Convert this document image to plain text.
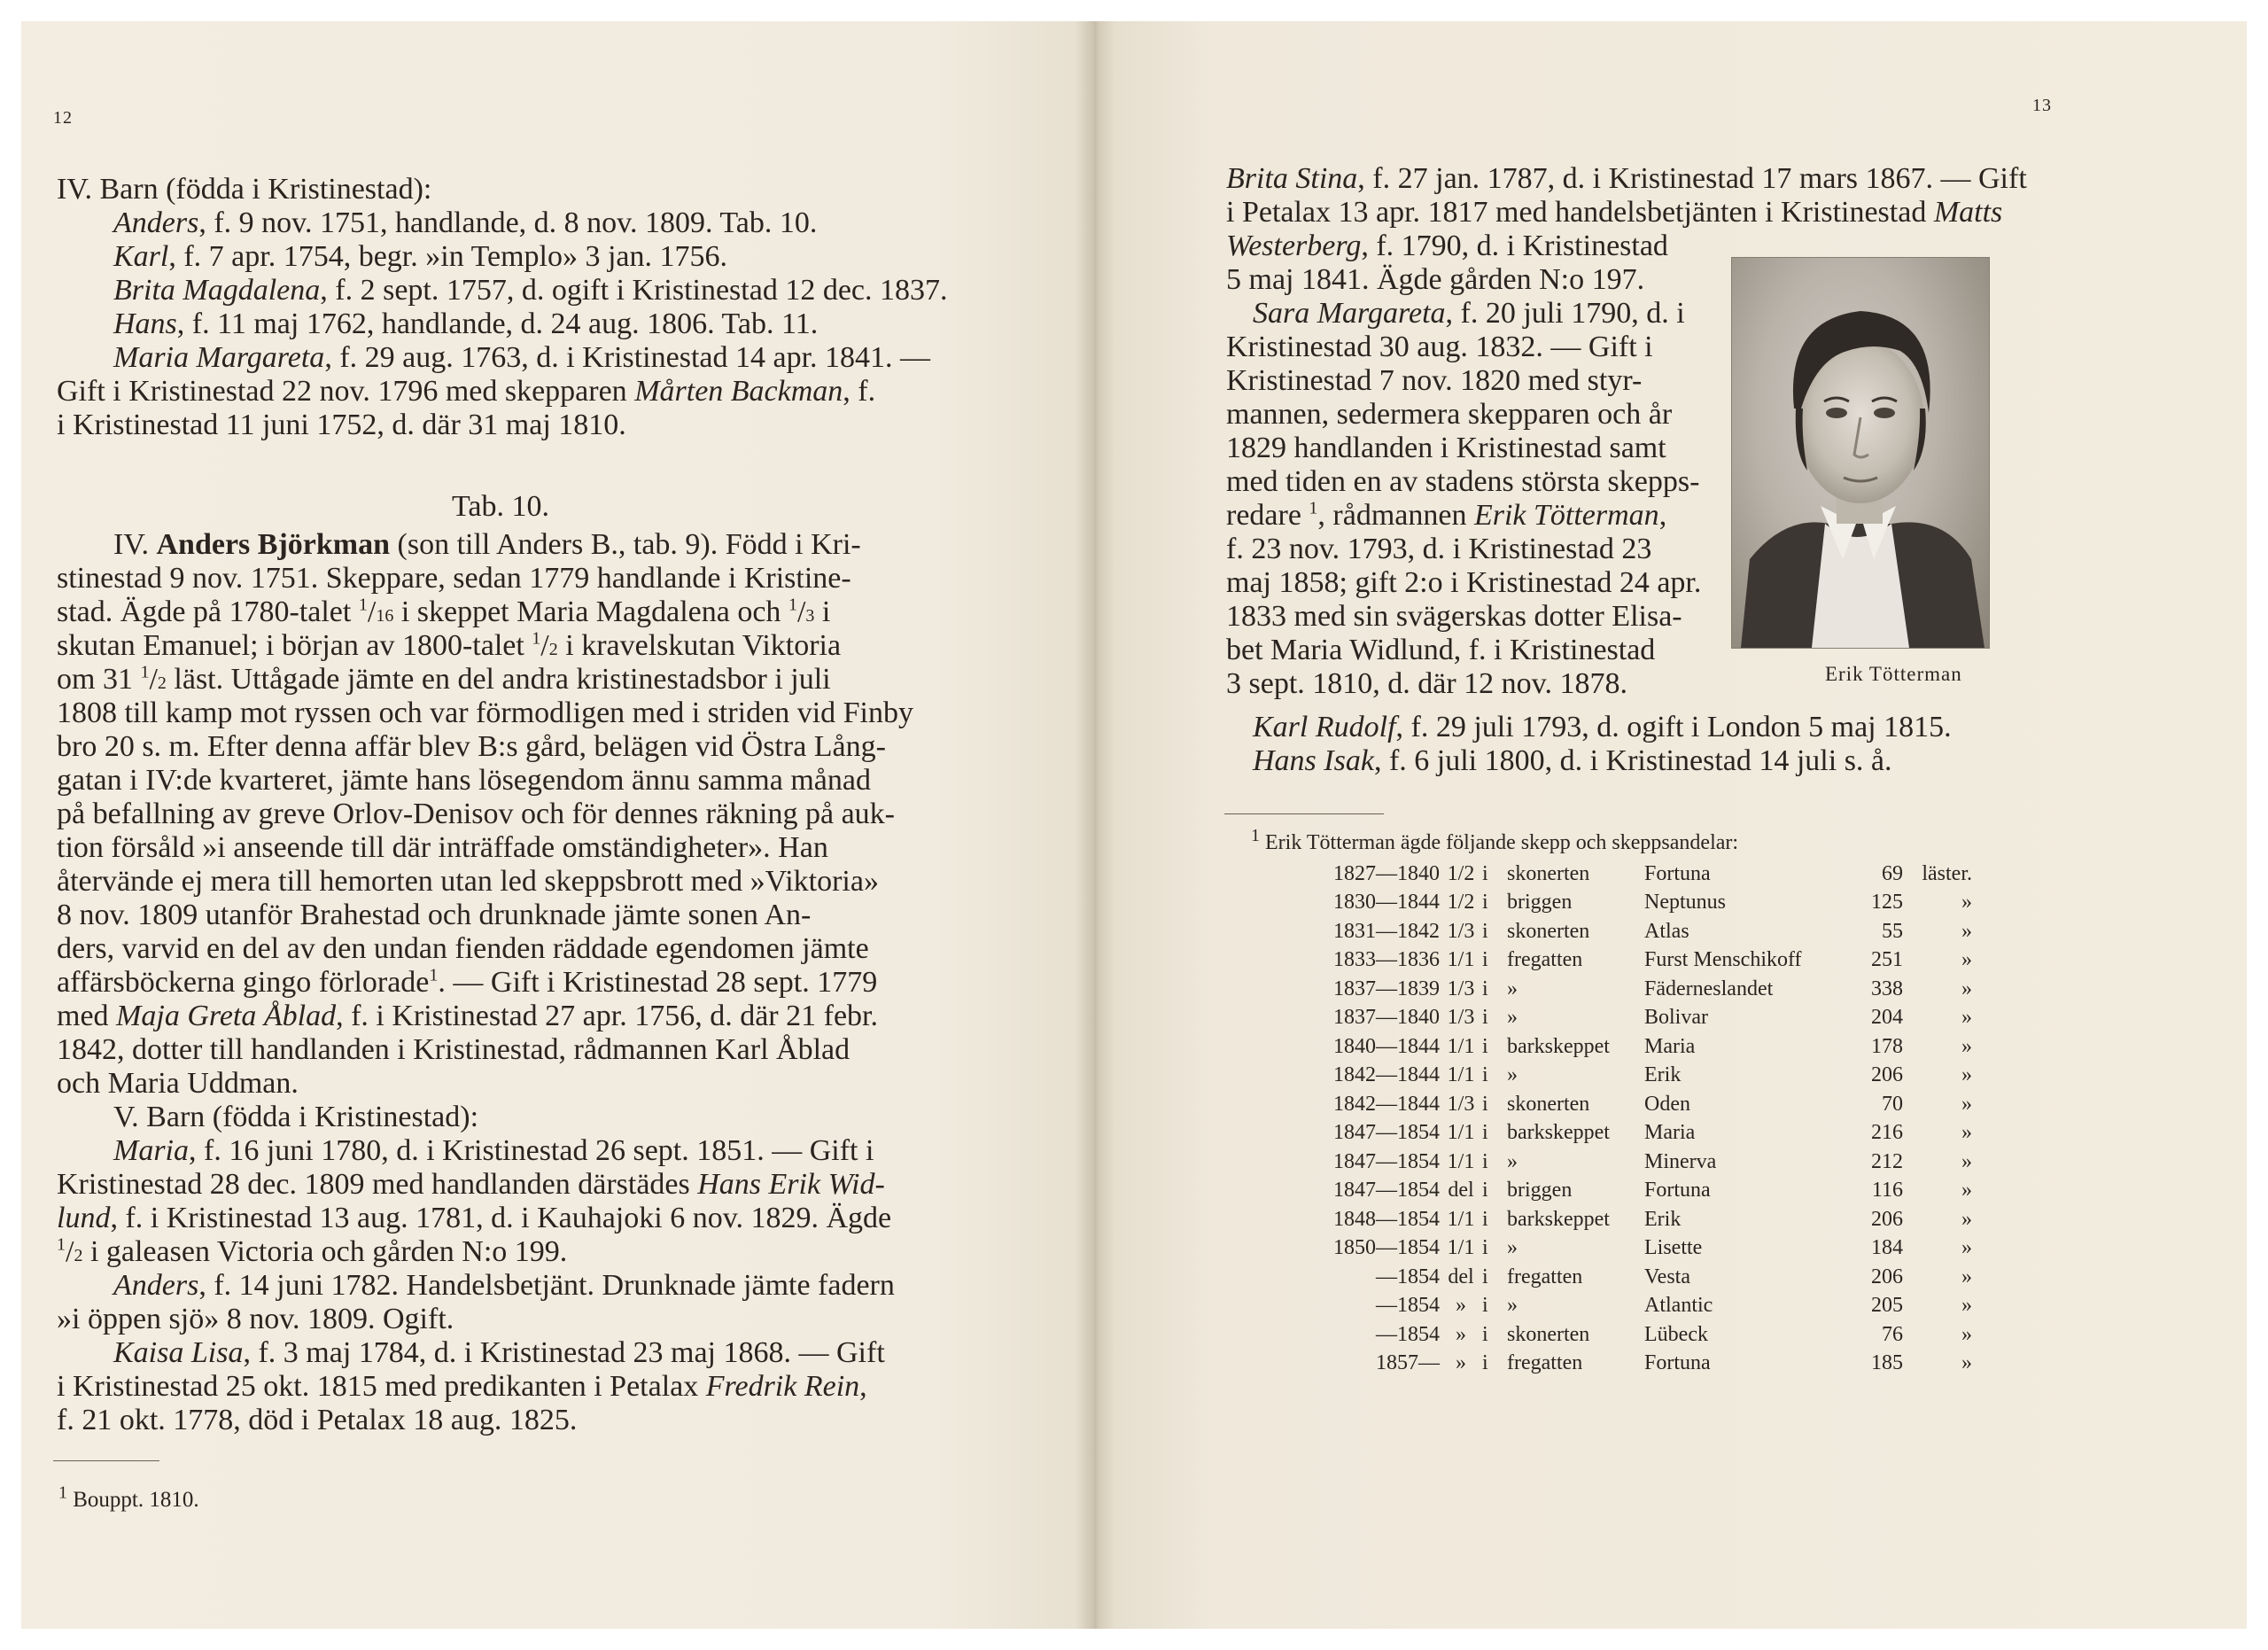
12
IV. Barn (födda i Kristinestad):
Anders, f. 9 nov. 1751, handlande, d. 8 nov. 1809. Tab. 10.
Karl, f. 7 apr. 1754, begr. »in Templo» 3 jan. 1756.
Brita Magdalena, f. 2 sept. 1757, d. ogift i Kristinestad 12 dec. 1837.
Hans, f. 11 maj 1762, handlande, d. 24 aug. 1806. Tab. 11.
Maria Margareta, f. 29 aug. 1763, d. i Kristinestad 14 apr. 1841. —
Gift i Kristinestad 22 nov. 1796 med skepparen Mårten Backman, f.
i Kristinestad 11 juni 1752, d. där 31 maj 1810.
Tab. 10.
IV. Anders Björkman (son till Anders B., tab. 9). Född i Kri-
stinestad 9 nov. 1751. Skeppare, sedan 1779 handlande i Kristine-
stad. Ägde på 1780-talet $^1$/16 i skeppet Maria Magdalena och $^1$/3 i
skutan Emanuel; i början av 1800-talet $^1$/2 i kravelskutan Viktoria
om 31 $^1$/2 läst. Uttågade jämte en del andra kristinestadsbor i juli
1808 till kamp mot ryssen och var förmodligen med i striden vid Finby
bro 20 s. m. Efter denna affär blev B:s gård, belägen vid Östra Lång-
gatan i IV:de kvarteret, jämte hans lösegendom ännu samma månad
på befallning av greve Orlov-Denisov och för dennes räkning på auk-
tion försåld »i anseende till där inträffade omständigheter». Han
återvände ej mera till hemorten utan led skeppsbrott med »Viktoria»
8 nov. 1809 utanför Brahestad och drunknade jämte sonen An-
ders, varvid en del av den undan fienden räddade egendomen jämte
affärsböckerna gingo förlorade$^1$. — Gift i Kristinestad 28 sept. 1779
med Maja Greta Åblad, f. i Kristinestad 27 apr. 1756, d. där 21 febr.
1842, dotter till handlanden i Kristinestad, rådmannen Karl Åblad
och Maria Uddman.
V. Barn (födda i Kristinestad):
Maria, f. 16 juni 1780, d. i Kristinestad 26 sept. 1851. — Gift i
Kristinestad 28 dec. 1809 med handlanden därstädes Hans Erik Wid-
lund, f. i Kristinestad 13 aug. 1781, d. i Kauhajoki 6 nov. 1829. Ägde
$^1$/2 i galeasen Victoria och gården N:o 199.
Anders, f. 14 juni 1782. Handelsbetjänt. Drunknade jämte fadern
»i öppen sjö» 8 nov. 1809. Ogift.
Kaisa Lisa, f. 3 maj 1784, d. i Kristinestad 23 maj 1868. — Gift
i Kristinestad 25 okt. 1815 med predikanten i Petalax Fredrik Rein,
f. 21 okt. 1778, död i Petalax 18 aug. 1825.
$^1$ Bouppt. 1810.
13
Brita Stina, f. 27 jan. 1787, d. i Kristinestad 17 mars 1867. — Gift
i Petalax 13 apr. 1817 med handelsbetjänten i Kristinestad Matts
Westerberg, f. 1790, d. i Kristinestad
5 maj 1841. Ägde gården N:o 197.
Sara Margareta, f. 20 juli 1790, d. i
Kristinestad 30 aug. 1832. — Gift i
Kristinestad 7 nov. 1820 med styr-
mannen, sedermera skepparen och år
1829 handlanden i Kristinestad samt
med tiden en av stadens största skepps-
redare $^1$, rådmannen Erik Tötterman,
f. 23 nov. 1793, d. i Kristinestad 23
maj 1858; gift 2:o i Kristinestad 24 apr.
1833 med sin svägerskas dotter Elisa-
bet Maria Widlund, f. i Kristinestad
3 sept. 1810, d. där 12 nov. 1878.
Karl Rudolf, f. 29 juli 1793, d. ogift i London 5 maj 1815.
Hans Isak, f. 6 juli 1800, d. i Kristinestad 14 juli s. å.
Erik Tötterman
$^1$ Erik Tötterman ägde följande skepp och skeppsandelar:
1827—1840	1/2	i	skonerten	Fortuna	69	läster.
1830—1844	1/2	i	briggen	Neptunus	125	»
1831—1842	1/3	i	skonerten	Atlas	55	»
1833—1836	1/1	i	fregatten	Furst Menschikoff	251	»
1837—1839	1/3	i	»	Fäderneslandet	338	»
1837—1840	1/3	i	»	Bolivar	204	»
1840—1844	1/1	i	barkskeppet	Maria	178	»
1842—1844	1/1	i	»	Erik	206	»
1842—1844	1/3	i	skonerten	Oden	70	»
1847—1854	1/1	i	barkskeppet	Maria	216	»
1847—1854	1/1	i	»	Minerva	212	»
1847—1854	del	i	briggen	Fortuna	116	»
1848—1854	1/1	i	barkskeppet	Erik	206	»
1850—1854	1/1	i	»	Lisette	184	»
—1854	del	i	fregatten	Vesta	206	»
—1854	»	i	»	Atlantic	205	»
—1854	»	i	skonerten	Lübeck	76	»
1857—	»	i	fregatten	Fortuna	185	»
